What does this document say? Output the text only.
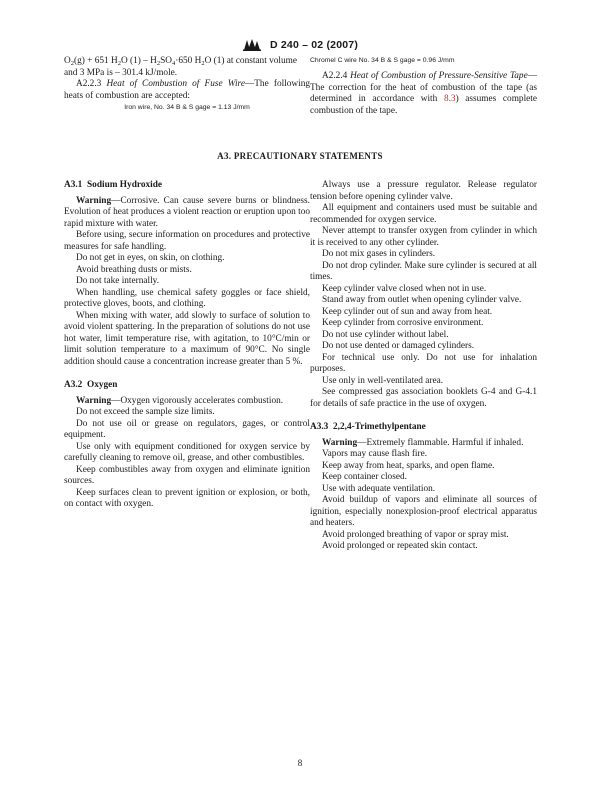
D 240 – 02 (2007)

$O_2(g) + 651$ $H_2O$ $(1) - H_2SO_4\cdot 650$ $H_2O$ (1) at constant volume

and 3 MPa is – 301.4 kJ/mole.

A2.2.3 Heat of Combustion of Fuse Wire—The following heats of combustion are accepted:

Iron wire, No. 34 B & S gage = 1.13 J/mm

Chromel C wire No. 34 B & S gage = 0.96 J/mm

A2.2.4 Heat of Combustion of Pressure-Sensitive Tape— The correction for the heat of combustion of the tape (as determined in accordance with 8.3) assumes complete combustion of the tape.

A3. PRECAUTIONARY STATEMENTS

A3.1 Sodium Hydroxide

Warning—Corrosive. Can cause severe burns or blindness. Evolution of heat produces a violent reaction or eruption upon too rapid mixture with water.

Before using, secure information on procedures and protective measures for safe handling.

Do not get in eyes, on skin, on clothing.

Avoid breathing dusts or mists.

Do not take internally.

When handling, use chemical safety goggles or face shield, protective gloves, boots, and clothing.

When mixing with water, add slowly to surface of solution to avoid violent spattering. In the preparation of solutions do not use hot water, limit temperature rise, with agitation, to 10°C/min or limit solution temperature to a maximum of 90°C. No single addition should cause a concentration increase greater than 5 %.

A3.2 Oxygen

Warning—Oxygen vigorously accelerates combustion.

Do not exceed the sample size limits.

Do not use oil or grease on regulators, gages, or control equipment.

Use only with equipment conditioned for oxygen service by carefully cleaning to remove oil, grease, and other combustibles.

Keep combustibles away from oxygen and eliminate ignition sources.

Keep surfaces clean to prevent ignition or explosion, or both, on contact with oxygen.

Always use a pressure regulator. Release regulator tension before opening cylinder valve.

All equipment and containers used must be suitable and recommended for oxygen service.

Never attempt to transfer oxygen from cylinder in which it is received to any other cylinder.

Do not mix gases in cylinders.

Do not drop cylinder. Make sure cylinder is secured at all times.

Keep cylinder valve closed when not in use.

Stand away from outlet when opening cylinder valve.

Keep cylinder out of sun and away from heat.

Keep cylinder from corrosive environment.

Do not use cylinder without label.

Do not use dented or damaged cylinders.

For technical use only. Do not use for inhalation purposes.

Use only in well-ventilated area.

See compressed gas association booklets G-4 and G-4.1 for details of safe practice in the use of oxygen.

A3.3 2,2,4-Trimethylpentane

Warning—Extremely flammable. Harmful if inhaled.

Vapors may cause flash fire.

Keep away from heat, sparks, and open flame.

Keep container closed.

Use with adequate ventilation.

Avoid buildup of vapors and eliminate all sources of ignition, especially nonexplosion-proof electrical apparatus and heaters.

Avoid prolonged breathing of vapor or spray mist.

Avoid prolonged or repeated skin contact.

8
